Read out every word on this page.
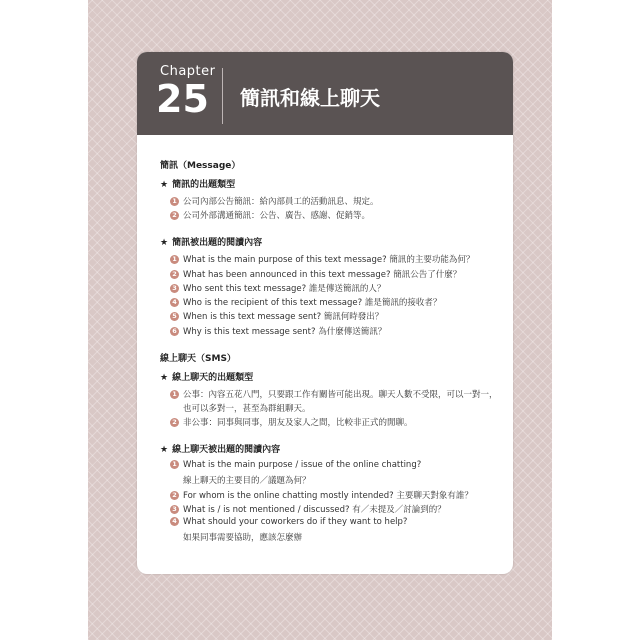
Chapter
25 簡訊和線上聊天
簡訊（Message）
★ 簡訊的出題類型
1 公司內部公告簡訊：給內部員工的活動訊息、規定。
2 公司外部溝通簡訊：公告、廣告、感謝、促銷等。
★ 簡訊被出題的閱讀內容
1 What is the main purpose of this text message? 簡訊的主要功能為何？
2 What has been announced in this text message? 簡訊公告了什麼？
3 Who sent this text message? 誰是傳送簡訊的人？
4 Who is the recipient of this text message? 誰是簡訊的接收者？
5 When is this text message sent? 簡訊何時發出？
6 Why is this text message sent? 為什麼傳送簡訊？
線上聊天（SMS）
★ 線上聊天的出題類型
1 公事：內容五花八門，只要跟工作有關皆可能出現。聊天人數不受限，可以一對一，
也可以多對一，甚至為群組聊天。
2 非公事：同事與同事，朋友及家人之間，比較非正式的閒聊。
★ 線上聊天被出題的閱讀內容
1 What is the main purpose / issue of the online chatting?
線上聊天的主要目的／議題為何？
2 For whom is the online chatting mostly intended? 主要聊天對象有誰？
3 What is / is not mentioned / discussed? 有／未提及／討論到的？
4 What should your coworkers do if they want to help?
如果同事需要協助，應該怎麼辦
